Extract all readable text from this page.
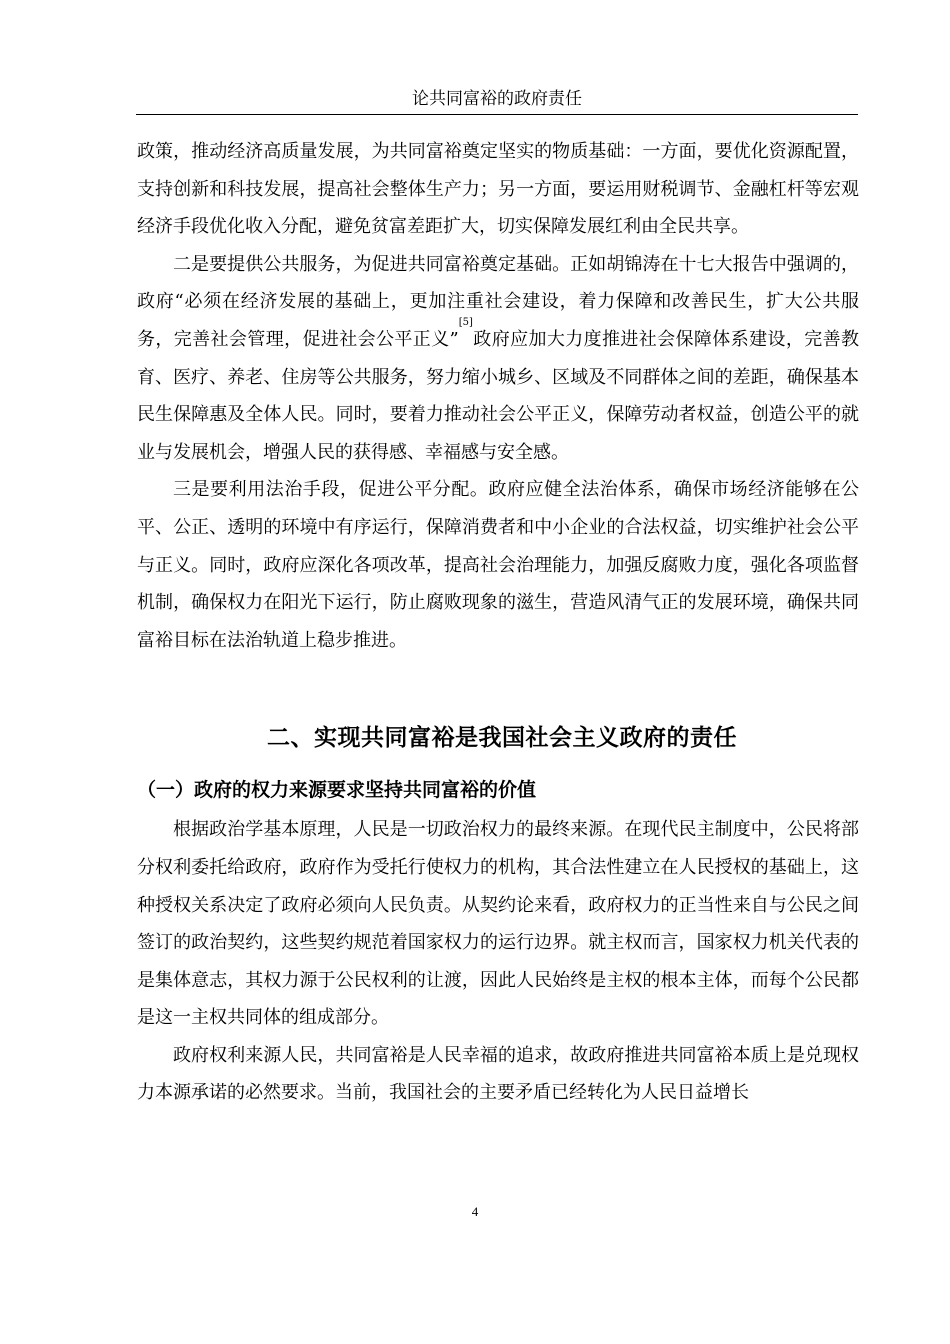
论共同富裕的政府责任

政策，推动经济高质量发展，为共同富裕奠定坚实的物质基础：一方面，要优化资源配置，支持创新和科技发展，提高社会整体生产力；另一方面，要运用财税调节、金融杠杆等宏观经济手段优化收入分配，避免贫富差距扩大，切实保障发展红利由全民共享。

二是要提供公共服务，为促进共同富裕奠定基础。正如胡锦涛在十七大报告中强调的，政府“必须在经济发展的基础上，更加注重社会建设，着力保障和改善民生，扩大公共服务，完善社会管理，促进社会公平正义”[5]政府应加大力度推进社会保障体系建设，完善教育、医疗、养老、住房等公共服务，努力缩小城乡、区域及不同群体之间的差距，确保基本民生保障惠及全体人民。同时，要着力推动社会公平正义，保障劳动者权益，创造公平的就业与发展机会，增强人民的获得感、幸福感与安全感。

三是要利用法治手段，促进公平分配。政府应健全法治体系，确保市场经济能够在公平、公正、透明的环境中有序运行，保障消费者和中小企业的合法权益，切实维护社会公平与正义。同时，政府应深化各项改革，提高社会治理能力，加强反腐败力度，强化各项监督机制，确保权力在阳光下运行，防止腐败现象的滋生，营造风清气正的发展环境，确保共同富裕目标在法治轨道上稳步推进。

二、实现共同富裕是我国社会主义政府的责任
（一）政府的权力来源要求坚持共同富裕的价值

根据政治学基本原理，人民是一切政治权力的最终来源。在现代民主制度中，公民将部分权利委托给政府，政府作为受托行使权力的机构，其合法性建立在人民授权的基础上，这种授权关系决定了政府必须向人民负责。从契约论来看，政府权力的正当性来自与公民之间签订的政治契约，这些契约规范着国家权力的运行边界。就主权而言，国家权力机关代表的是集体意志，其权力源于公民权利的让渡，因此人民始终是主权的根本主体，而每个公民都是这一主权共同体的组成部分。

政府权利来源人民，共同富裕是人民幸福的追求，故政府推进共同富裕本质上是兑现权力本源承诺的必然要求。当前，我国社会的主要矛盾已经转化为人民日益增长

4
